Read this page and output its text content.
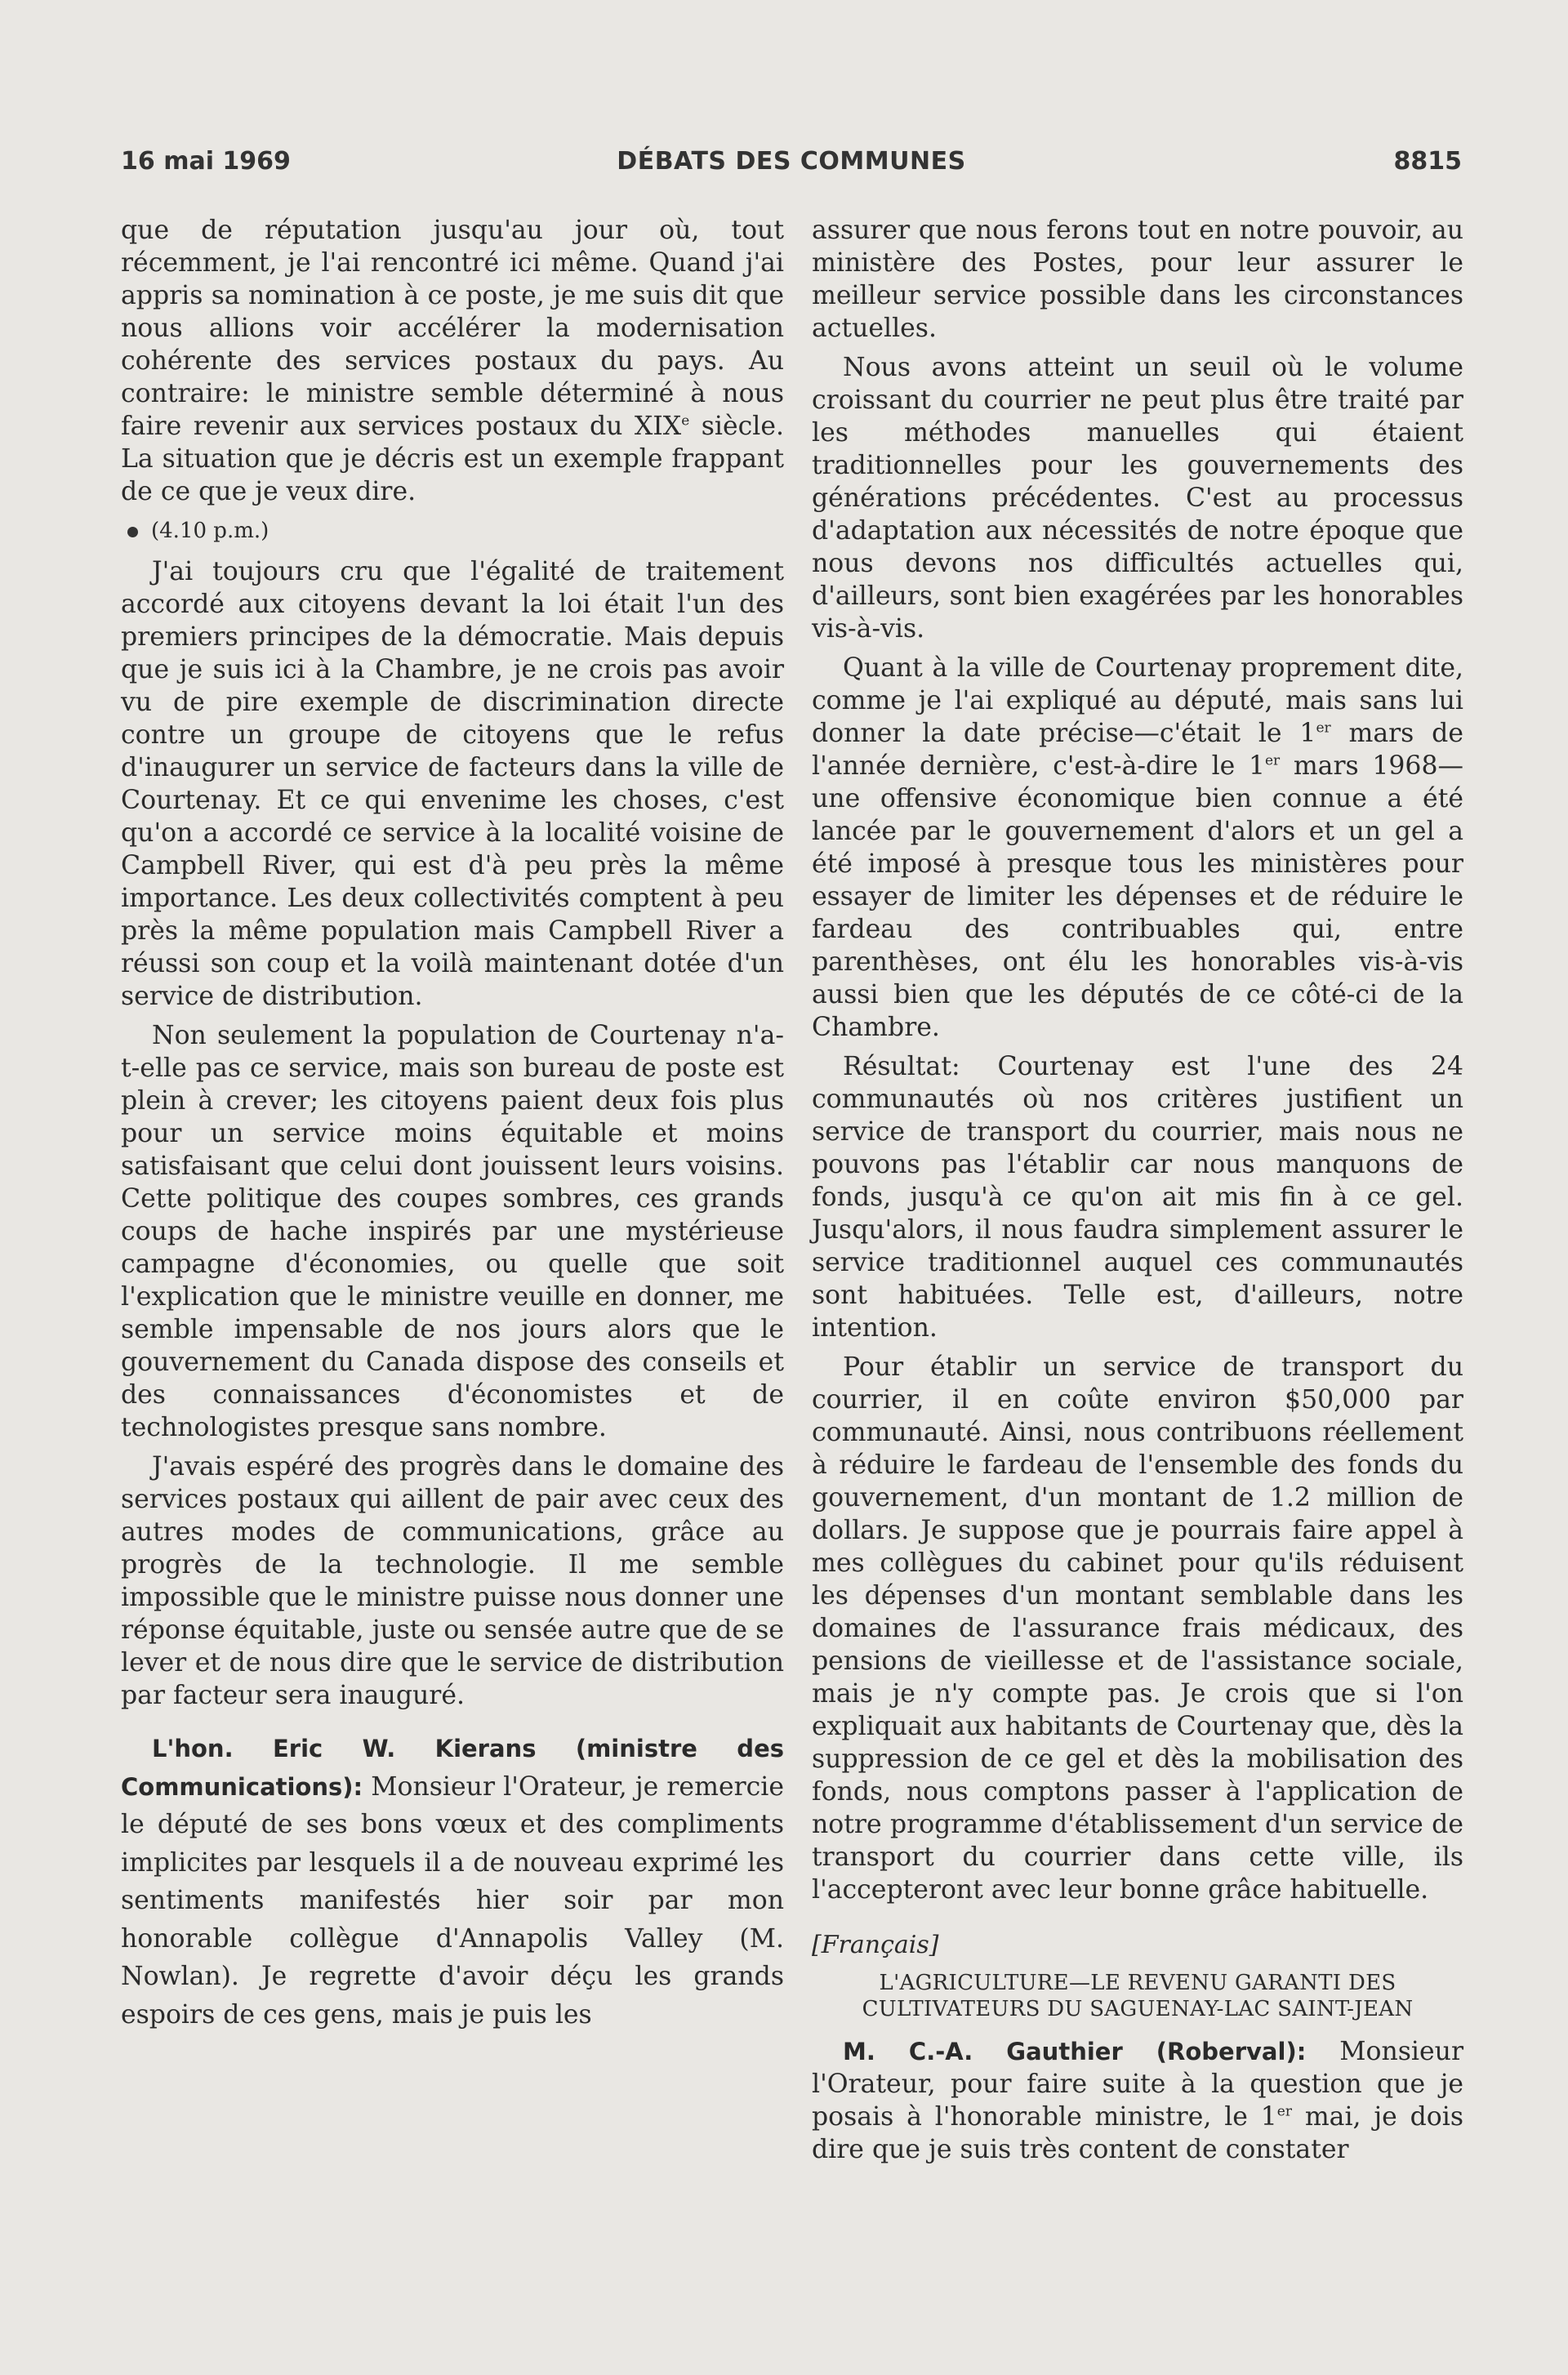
16 mai 1969	DÉBATS DES COMMUNES	8815

que de réputation jusqu'au jour où, tout récemment, je l'ai rencontré ici même. Quand j'ai appris sa nomination à ce poste, je me suis dit que nous allions voir accélérer la modernisation cohérente des services postaux du pays. Au contraire: le ministre semble déterminé à nous faire revenir aux services postaux du XIXe siècle. La situation que je décris est un exemple frappant de ce que je veux dire.

(4.10 p.m.)

J'ai toujours cru que l'égalité de traitement accordé aux citoyens devant la loi était l'un des premiers principes de la démocratie. Mais depuis que je suis ici à la Chambre, je ne crois pas avoir vu de pire exemple de discrimination directe contre un groupe de citoyens que le refus d'inaugurer un service de facteurs dans la ville de Courtenay. Et ce qui envenime les choses, c'est qu'on a accordé ce service à la localité voisine de Campbell River, qui est d'à peu près la même importance. Les deux collectivités comptent à peu près la même population mais Campbell River a réussi son coup et la voilà maintenant dotée d'un service de distribution.

Non seulement la population de Courtenay n'a-t-elle pas ce service, mais son bureau de poste est plein à crever; les citoyens paient deux fois plus pour un service moins équitable et moins satisfaisant que celui dont jouissent leurs voisins. Cette politique des coupes sombres, ces grands coups de hache inspirés par une mystérieuse campagne d'économies, ou quelle que soit l'explication que le ministre veuille en donner, me semble impensable de nos jours alors que le gouvernement du Canada dispose des conseils et des connaissances d'économistes et de technologistes presque sans nombre.

J'avais espéré des progrès dans le domaine des services postaux qui aillent de pair avec ceux des autres modes de communications, grâce au progrès de la technologie. Il me semble impossible que le ministre puisse nous donner une réponse équitable, juste ou sensée autre que de se lever et de nous dire que le service de distribution par facteur sera inauguré.

L'hon. Eric W. Kierans (ministre des Communications): Monsieur l'Orateur, je remercie le député de ses bons vœux et des compliments implicites par lesquels il a de nouveau exprimé les sentiments manifestés hier soir par mon honorable collègue d'Annapolis Valley (M. Nowlan). Je regrette d'avoir déçu les grands espoirs de ces gens, mais je puis les

assurer que nous ferons tout en notre pouvoir, au ministère des Postes, pour leur assurer le meilleur service possible dans les circonstances actuelles.

Nous avons atteint un seuil où le volume croissant du courrier ne peut plus être traité par les méthodes manuelles qui étaient traditionnelles pour les gouvernements des générations précédentes. C'est au processus d'adaptation aux nécessités de notre époque que nous devons nos difficultés actuelles qui, d'ailleurs, sont bien exagérées par les honorables vis-à-vis.

Quant à la ville de Courtenay proprement dite, comme je l'ai expliqué au député, mais sans lui donner la date précise—c'était le 1er mars de l'année dernière, c'est-à-dire le 1er mars 1968—une offensive économique bien connue a été lancée par le gouvernement d'alors et un gel a été imposé à presque tous les ministères pour essayer de limiter les dépenses et de réduire le fardeau des contribuables qui, entre parenthèses, ont élu les honorables vis-à-vis aussi bien que les députés de ce côté-ci de la Chambre.

Résultat: Courtenay est l'une des 24 communautés où nos critères justifient un service de transport du courrier, mais nous ne pouvons pas l'établir car nous manquons de fonds, jusqu'à ce qu'on ait mis fin à ce gel. Jusqu'alors, il nous faudra simplement assurer le service traditionnel auquel ces communautés sont habituées. Telle est, d'ailleurs, notre intention.

Pour établir un service de transport du courrier, il en coûte environ $50,000 par communauté. Ainsi, nous contribuons réellement à réduire le fardeau de l'ensemble des fonds du gouvernement, d'un montant de 1.2 million de dollars. Je suppose que je pourrais faire appel à mes collègues du cabinet pour qu'ils réduisent les dépenses d'un montant semblable dans les domaines de l'assurance frais médicaux, des pensions de vieillesse et de l'assistance sociale, mais je n'y compte pas. Je crois que si l'on expliquait aux habitants de Courtenay que, dès la suppression de ce gel et dès la mobilisation des fonds, nous comptons passer à l'application de notre programme d'établissement d'un service de transport du courrier dans cette ville, ils l'accepteront avec leur bonne grâce habituelle.

[Français]
L'AGRICULTURE—LE REVENU GARANTI DES CULTIVATEURS DU SAGUENAY-LAC SAINT-JEAN

M. C.-A. Gauthier (Roberval): Monsieur l'Orateur, pour faire suite à la question que je posais à l'honorable ministre, le 1er mai, je dois dire que je suis très content de constater
